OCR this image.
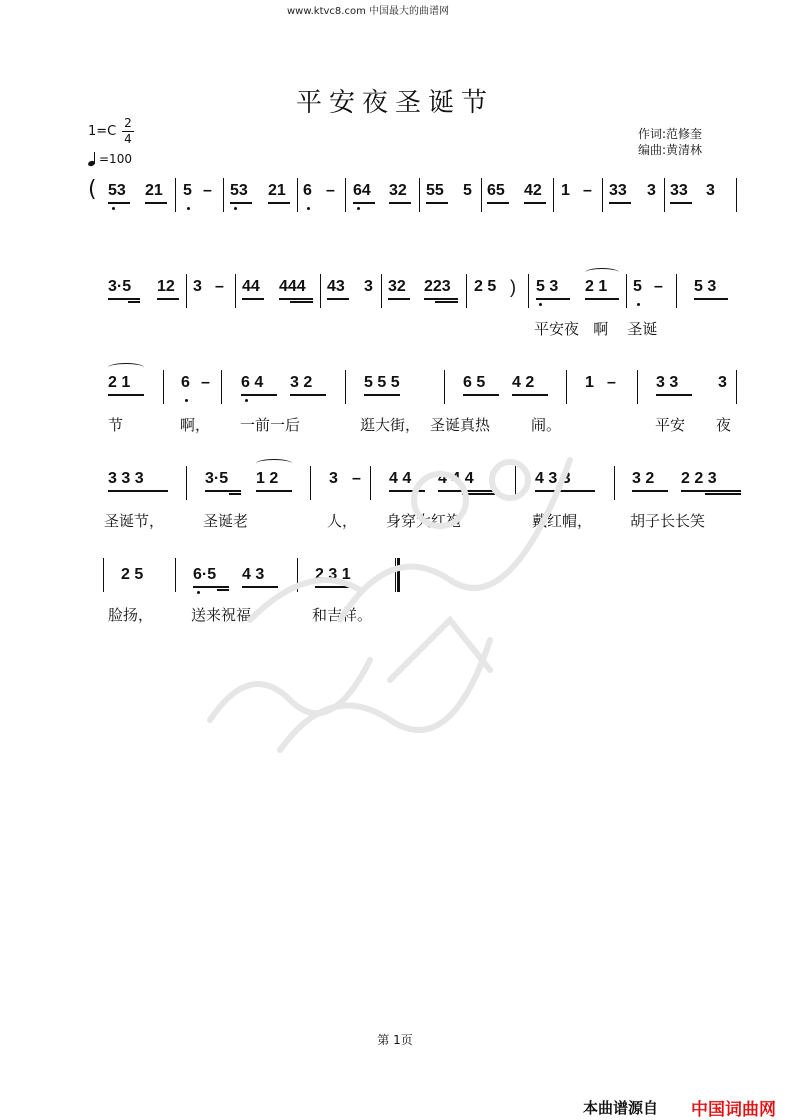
www.ktvc8.com 中国最大的曲谱网
平安夜圣诞节
1=C
2
4
=100
作词:范修奎
编曲:黄清林
( 53 21 5 – 53 21 6 – 64 32 55 5 65 42 1 – 33 3 33 3
3·5 12 3 – 44 444 43 3 32 223 2 5 ) 5 3 2 1 5 – 5 3
平安夜   啊    圣诞
2 1	6 – 6 4 3 2	5 5 5	6 5 4 2	1 –	3 3 3
节	啊， 一前一后	逛大街， 圣诞真热	闹。	平安 夜
3 3 3	3·5 1 2	3 – 4 4 4 4 4	4 3 3	3 2 2 2 3
圣诞节，	圣诞老	人， 身穿大红袍	戴红帽，	胡子长长笑
2 5	6·5 4 3	2 3 1
脸扬，	送来祝福	和吉祥。
第 1页
本曲谱源自 中国词曲网
